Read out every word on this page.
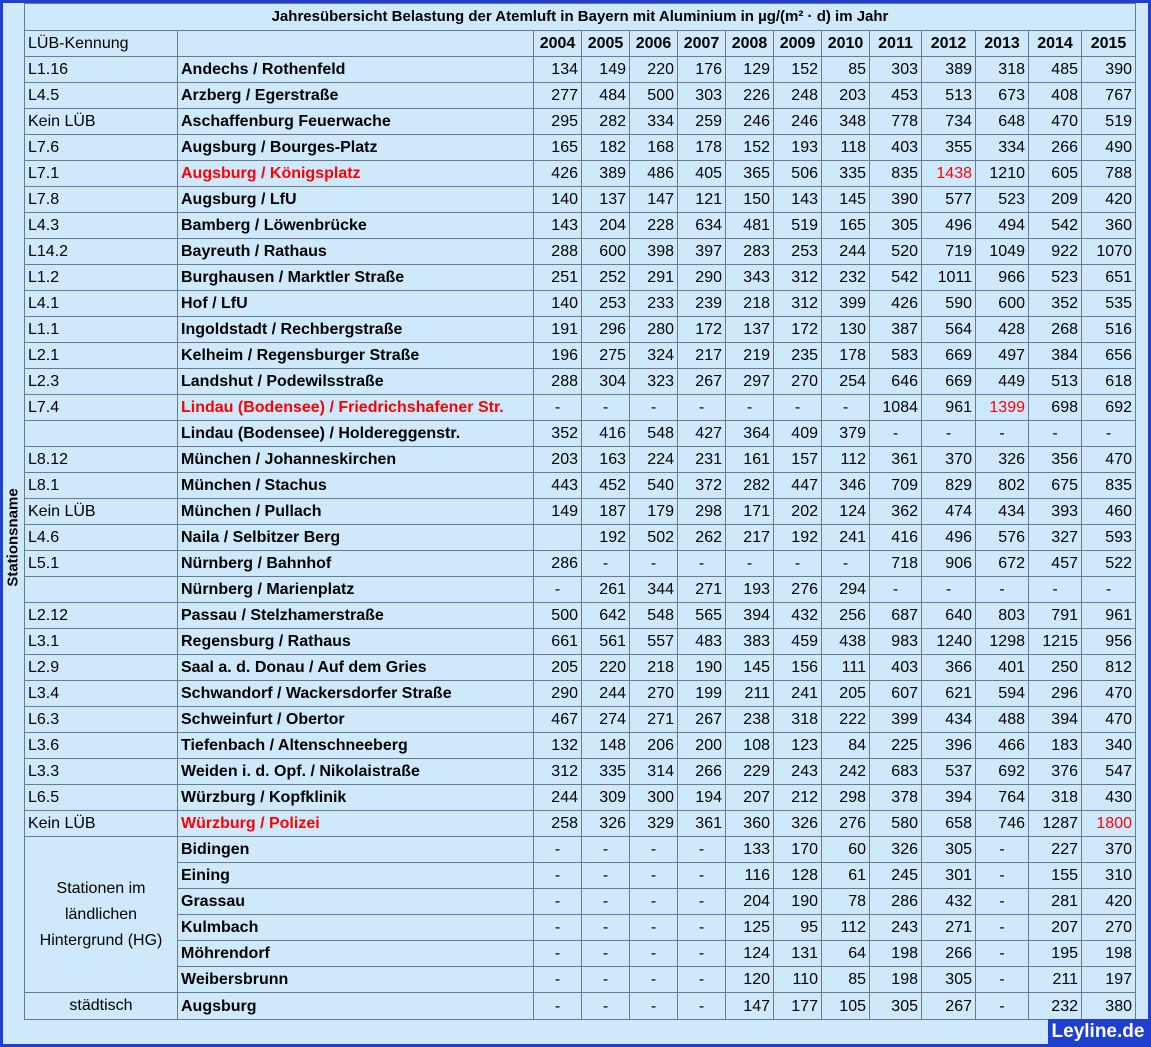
Stationsname
Jahresübersicht Belastung der Atemluft in Bayern mit Aluminium in µg/(m² · d) im Jahr													
LÜB-Kennung		2004	2005	2006	2007	2008	2009	2010	2011	2012	2013	2014	2015
L1.16	Andechs / Rothenfeld	134	149	220	176	129	152	85	303	389	318	485	390
L4.5	Arzberg / Egerstraße	277	484	500	303	226	248	203	453	513	673	408	767
Kein LÜB	Aschaffenburg Feuerwache	295	282	334	259	246	246	348	778	734	648	470	519
L7.6	Augsburg / Bourges-Platz	165	182	168	178	152	193	118	403	355	334	266	490
L7.1	Augsburg / Königsplatz	426	389	486	405	365	506	335	835	1438	1210	605	788
L7.8	Augsburg / LfU	140	137	147	121	150	143	145	390	577	523	209	420
L4.3	Bamberg / Löwenbrücke	143	204	228	634	481	519	165	305	496	494	542	360
L14.2	Bayreuth / Rathaus	288	600	398	397	283	253	244	520	719	1049	922	1070
L1.2	Burghausen / Marktler Straße	251	252	291	290	343	312	232	542	1011	966	523	651
L4.1	Hof / LfU	140	253	233	239	218	312	399	426	590	600	352	535
L1.1	Ingoldstadt / Rechbergstraße	191	296	280	172	137	172	130	387	564	428	268	516
L2.1	Kelheim / Regensburger Straße	196	275	324	217	219	235	178	583	669	497	384	656
L2.3	Landshut / Podewilsstraße	288	304	323	267	297	270	254	646	669	449	513	618
L7.4	Lindau (Bodensee) / Friedrichshafener Str.	-	-	-	-	-	-	-	1084	961	1399	698	692
	Lindau (Bodensee) / Holdereggenstr.	352	416	548	427	364	409	379	-	-	-	-	-
L8.12	München / Johanneskirchen	203	163	224	231	161	157	112	361	370	326	356	470
L8.1	München / Stachus	443	452	540	372	282	447	346	709	829	802	675	835
Kein LÜB	München / Pullach	149	187	179	298	171	202	124	362	474	434	393	460
L4.6	Naila / Selbitzer Berg		192	502	262	217	192	241	416	496	576	327	593
L5.1	Nürnberg / Bahnhof	286	-	-	-	-	-	-	718	906	672	457	522
	Nürnberg / Marienplatz	-	261	344	271	193	276	294	-	-	-	-	-
L2.12	Passau / Stelzhamerstraße	500	642	548	565	394	432	256	687	640	803	791	961
L3.1	Regensburg / Rathaus	661	561	557	483	383	459	438	983	1240	1298	1215	956
L2.9	Saal a. d. Donau / Auf dem Gries	205	220	218	190	145	156	111	403	366	401	250	812
L3.4	Schwandorf / Wackersdorfer Straße	290	244	270	199	211	241	205	607	621	594	296	470
L6.3	Schweinfurt / Obertor	467	274	271	267	238	318	222	399	434	488	394	470
L3.6	Tiefenbach / Altenschneeberg	132	148	206	200	108	123	84	225	396	466	183	340
L3.3	Weiden i. d. Opf. / Nikolaistraße	312	335	314	266	229	243	242	683	537	692	376	547
L6.5	Würzburg / Kopfklinik	244	309	300	194	207	212	298	378	394	764	318	430
Kein LÜB	Würzburg / Polizei	258	326	329	361	360	326	276	580	658	746	1287	1800
Stationen im ländlichen Hintergrund (HG)	Bidingen	-	-	-	-	133	170	60	326	305	-	227	370
	Eining	-	-	-	-	116	128	61	245	301	-	155	310
	Grassau	-	-	-	-	204	190	78	286	432	-	281	420
	Kulmbach	-	-	-	-	125	95	112	243	271	-	207	270
	Möhrendorf	-	-	-	-	124	131	64	198	266	-	195	198
	Weibersbrunn	-	-	-	-	120	110	85	198	305	-	211	197
städtisch	Augsburg	-	-	-	-	147	177	105	305	267	-	232	380
Leyline.de
